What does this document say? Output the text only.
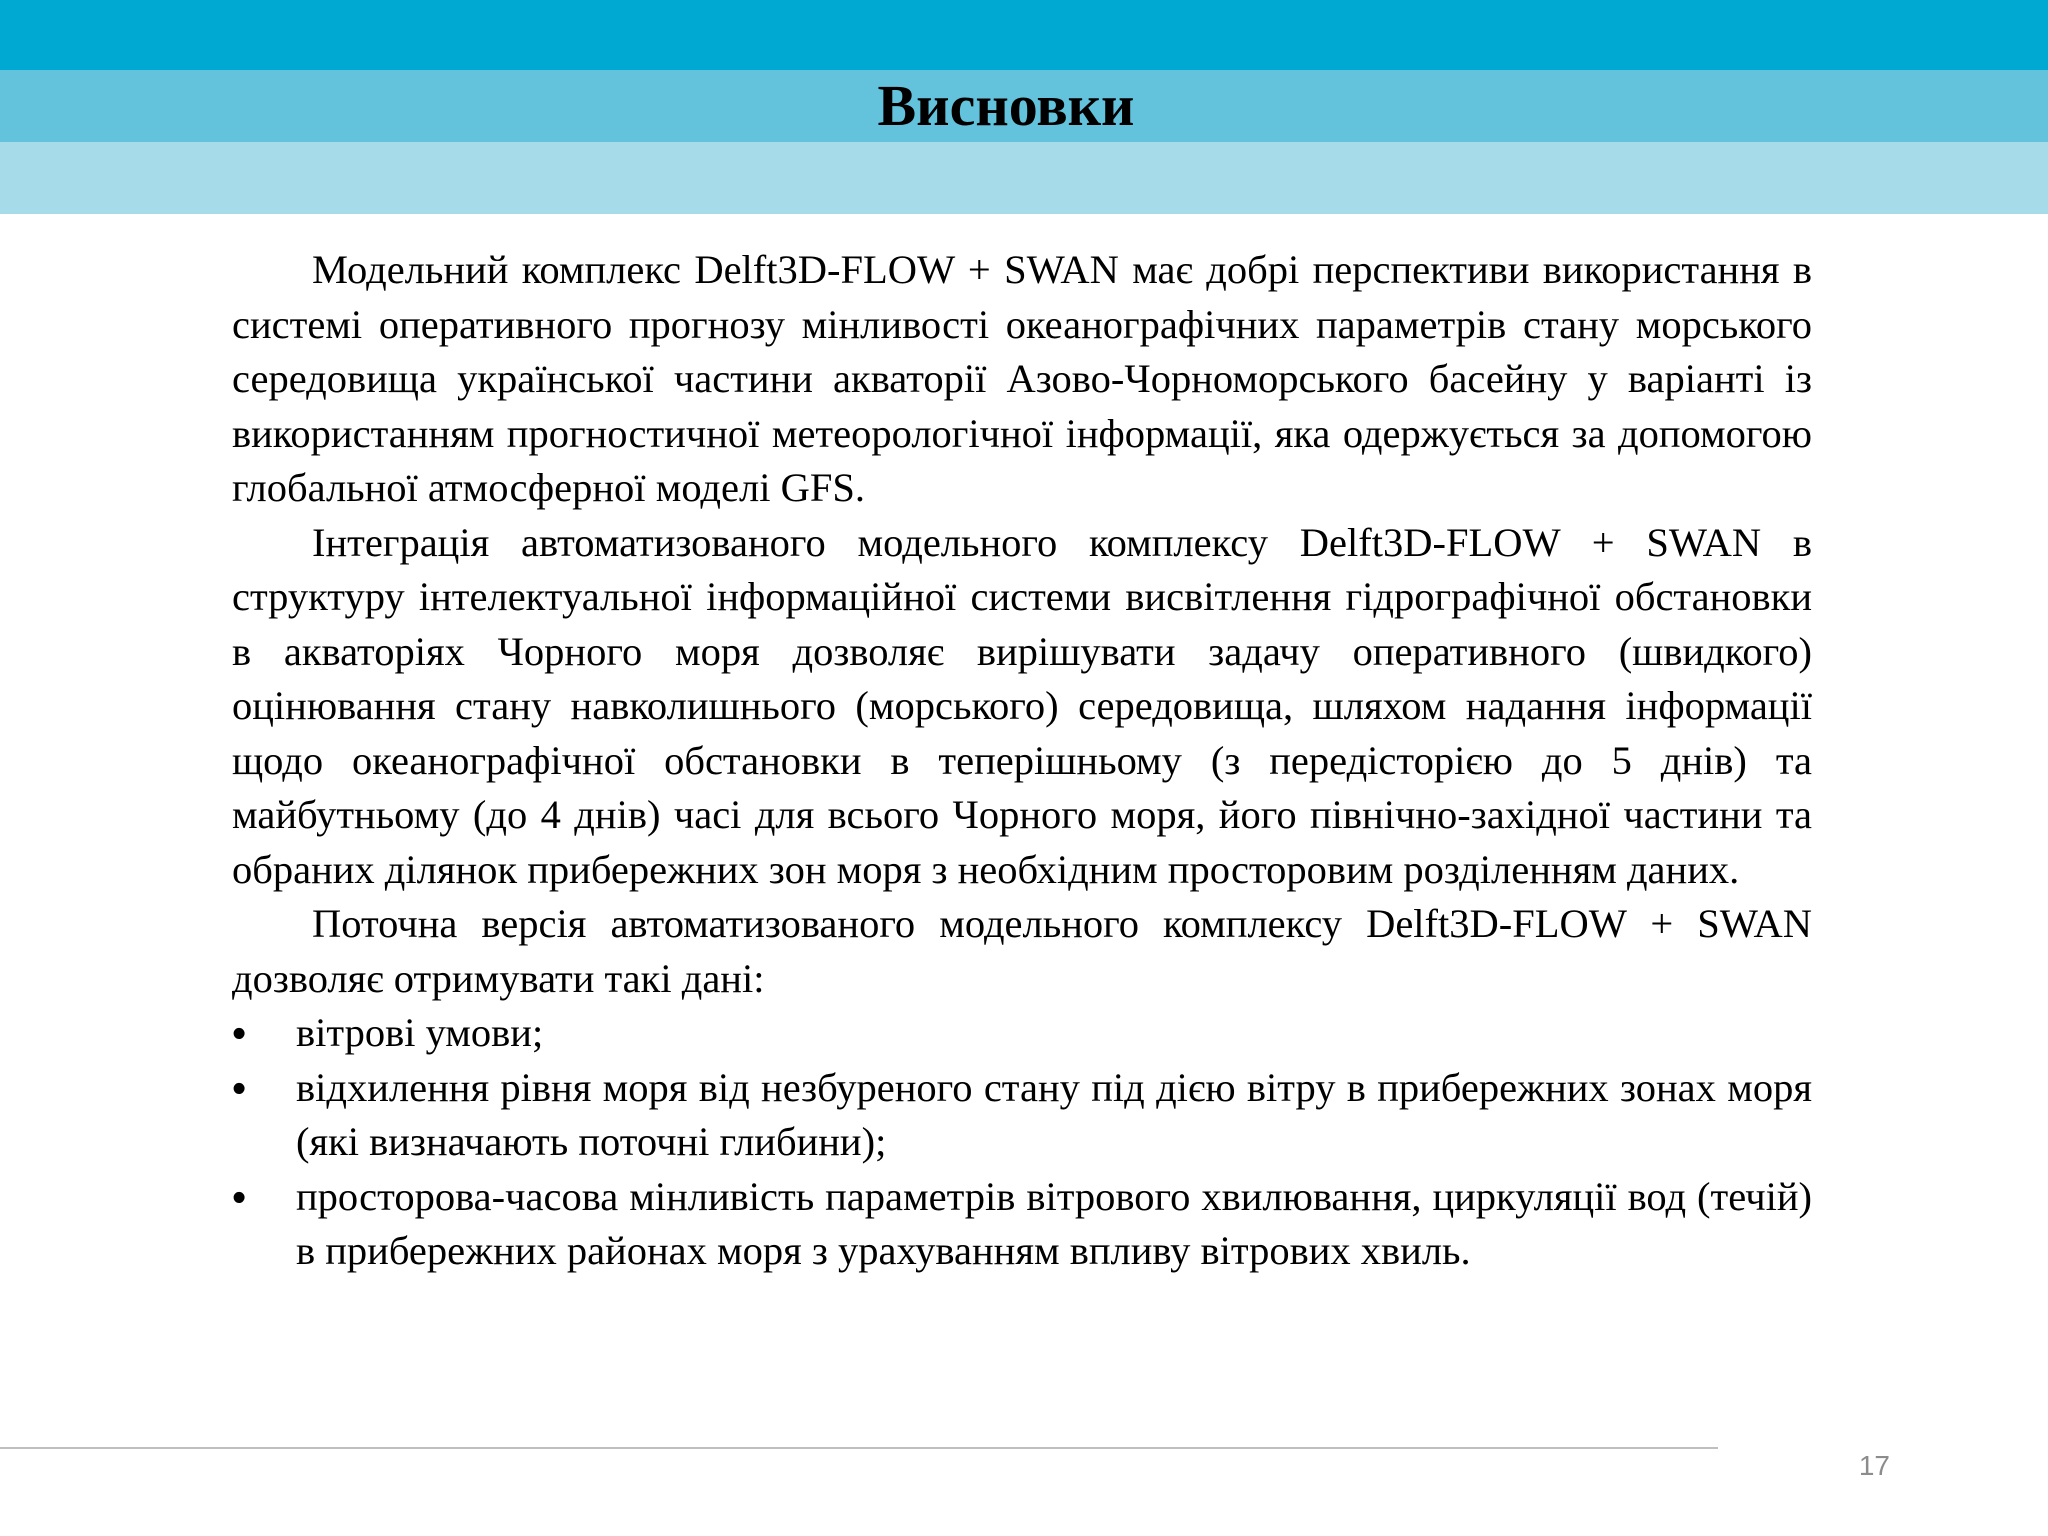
Висновки

Модельний комплекс Delft3D-FLOW + SWAN має добрі перспективи використання в системі оперативного прогнозу мінливості океанографічних параметрів стану морського середовища української частини акваторії Азово-Чорноморського басейну у варіанті із використанням прогностичної метеорологічної інформації, яка одержується за допомогою глобальної атмосферної моделі GFS.

Інтеграція автоматизованого модельного комплексу Delft3D-FLOW + SWAN в структуру інтелектуальної інформаційної системи висвітлення гідрографічної обстановки в акваторіях Чорного моря дозволяє вирішувати задачу оперативного (швидкого) оцінювання стану навколишнього (морського) середовища, шляхом надання інформації щодо океанографічної обстановки в теперішньому (з передісторією до 5 днів) та майбутньому (до 4 днів) часі для всього Чорного моря, його північно-західної частини та обраних ділянок прибережних зон моря з необхідним просторовим розділенням даних.

Поточна версія автоматизованого модельного комплексу Delft3D-FLOW + SWAN дозволяє отримувати такі дані:

• вітрові умови;
• відхилення рівня моря від незбуреного стану під дією вітру в прибережних зонах моря (які визначають поточні глибини);
• просторова-часова мінливість параметрів вітрового хвилювання, циркуляції вод (течій) в прибережних районах моря з урахуванням впливу вітрових хвиль.
17
